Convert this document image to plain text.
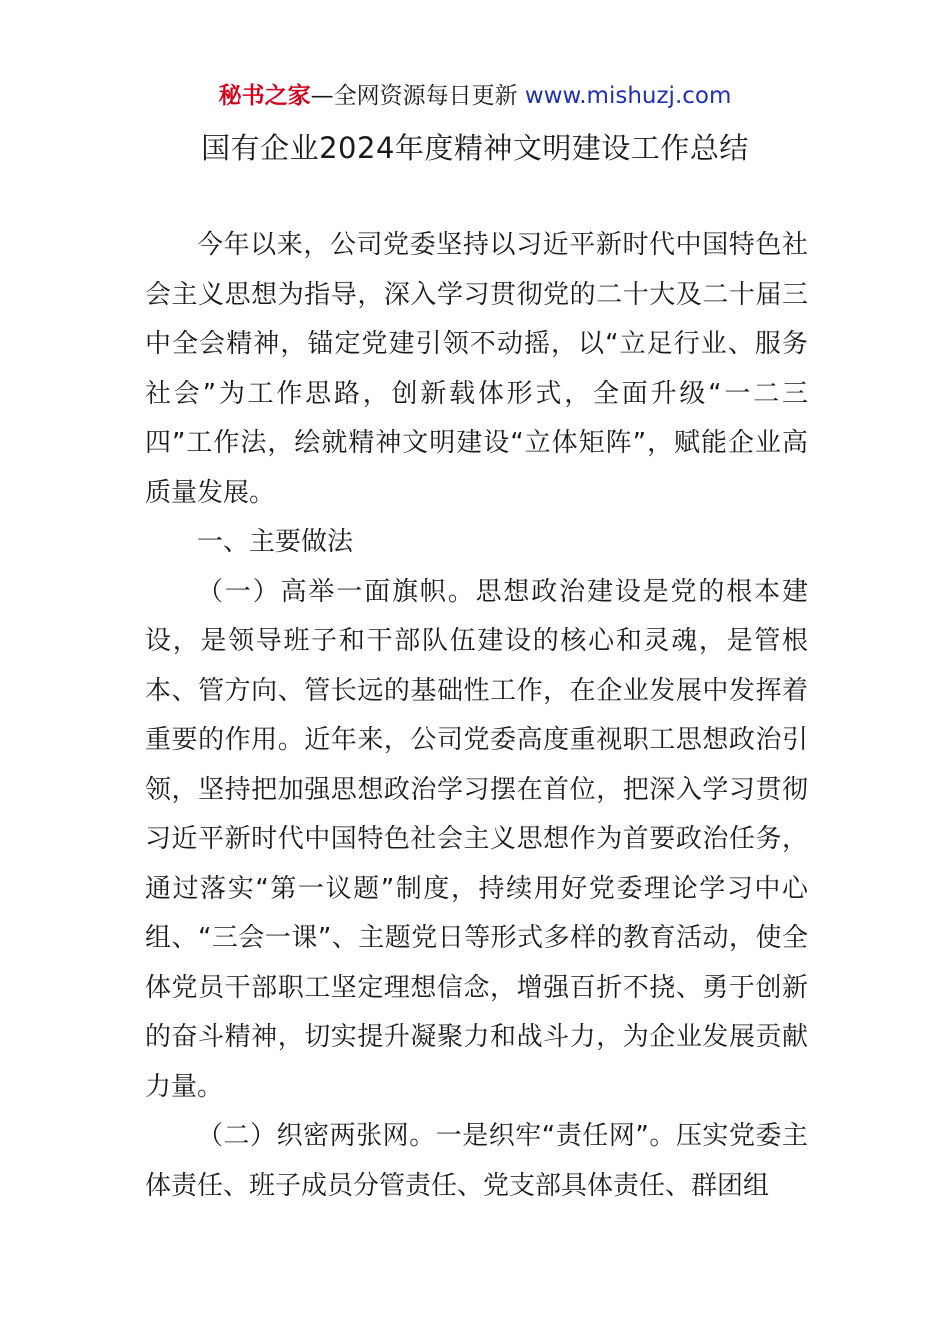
秘书之家—全网资源每日更新 www.mishuzj.com
国有企业2024年度精神文明建设工作总结

今年以来，公司党委坚持以习近平新时代中国特色社会主义思想为指导，深入学习贯彻党的二十大及二十届三中全会精神，锚定党建引领不动摇，以“立足行业、服务社会”为工作思路，创新载体形式，全面升级“一二三四”工作法，绘就精神文明建设“立体矩阵”，赋能企业高质量发展。

一、主要做法

（一）高举一面旗帜。思想政治建设是党的根本建设，是领导班子和干部队伍建设的核心和灵魂，是管根本、管方向、管长远的基础性工作，在企业发展中发挥着重要的作用。近年来，公司党委高度重视职工思想政治引领，坚持把加强思想政治学习摆在首位，把深入学习贯彻习近平新时代中国特色社会主义思想作为首要政治任务，通过落实“第一议题”制度，持续用好党委理论学习中心组、“三会一课”、主题党日等形式多样的教育活动，使全体党员干部职工坚定理想信念，增强百折不挠、勇于创新的奋斗精神，切实提升凝聚力和战斗力，为企业发展贡献力量。

（二）织密两张网。一是织牢“责任网”。压实党委主体责任、班子成员分管责任、党支部具体责任、群团组
